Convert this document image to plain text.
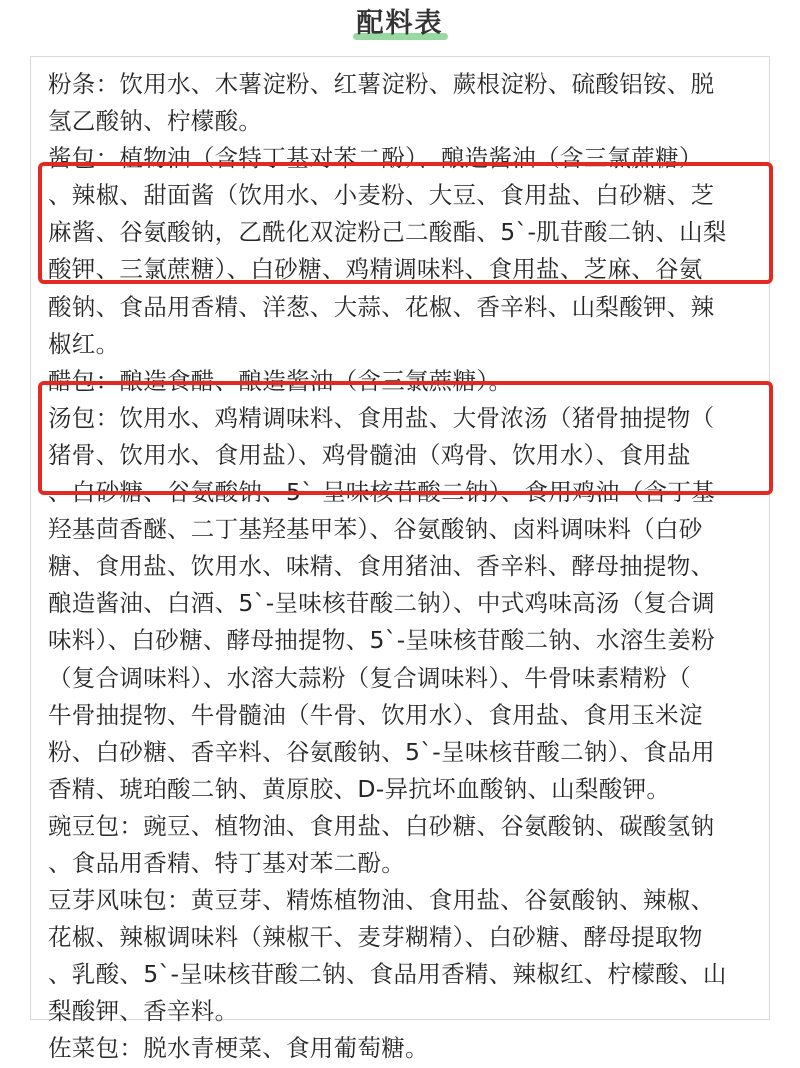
配料表
粉条：饮用水、木薯淀粉、红薯淀粉、蕨根淀粉、硫酸铝铵、脱
氢乙酸钠、柠檬酸。
酱包：植物油（含特丁基对苯二酚）、酿造酱油（含三氯蔗糖）
、辣椒、甜面酱（饮用水、小麦粉、大豆、食用盐、白砂糖、芝
麻酱、谷氨酸钠，乙酰化双淀粉己二酸酯、5`-肌苷酸二钠、山梨
酸钾、三氯蔗糖）、白砂糖、鸡精调味料、食用盐、芝麻、谷氨
酸钠、食品用香精、洋葱、大蒜、花椒、香辛料、山梨酸钾、辣
椒红。
醋包：酿造食醋、酿造酱油（含三氯蔗糖）。
汤包：饮用水、鸡精调味料、食用盐、大骨浓汤（猪骨抽提物（
猪骨、饮用水、食用盐）、鸡骨髓油（鸡骨、饮用水）、食用盐
、白砂糖、谷氨酸钠、5`-呈味核苷酸二钠）、食用鸡油（含丁基
羟基茴香醚、二丁基羟基甲苯）、谷氨酸钠、卤料调味料（白砂
糖、食用盐、饮用水、味精、食用猪油、香辛料、酵母抽提物、
酿造酱油、白酒、5`-呈味核苷酸二钠）、中式鸡味高汤（复合调
味料）、白砂糖、酵母抽提物、5`-呈味核苷酸二钠、水溶生姜粉
（复合调味料）、水溶大蒜粉（复合调味料）、牛骨味素精粉（
牛骨抽提物、牛骨髓油（牛骨、饮用水）、食用盐、食用玉米淀
粉、白砂糖、香辛料、谷氨酸钠、5`-呈味核苷酸二钠）、食品用
香精、琥珀酸二钠、黄原胶、D-异抗坏血酸钠、山梨酸钾。
豌豆包：豌豆、植物油、食用盐、白砂糖、谷氨酸钠、碳酸氢钠
、食品用香精、特丁基对苯二酚。
豆芽风味包：黄豆芽、精炼植物油、食用盐、谷氨酸钠、辣椒、
花椒、辣椒调味料（辣椒干、麦芽糊精）、白砂糖、酵母提取物
、乳酸、5`-呈味核苷酸二钠、食品用香精、辣椒红、柠檬酸、山
梨酸钾、香辛料。
佐菜包：脱水青梗菜、食用葡萄糖。
